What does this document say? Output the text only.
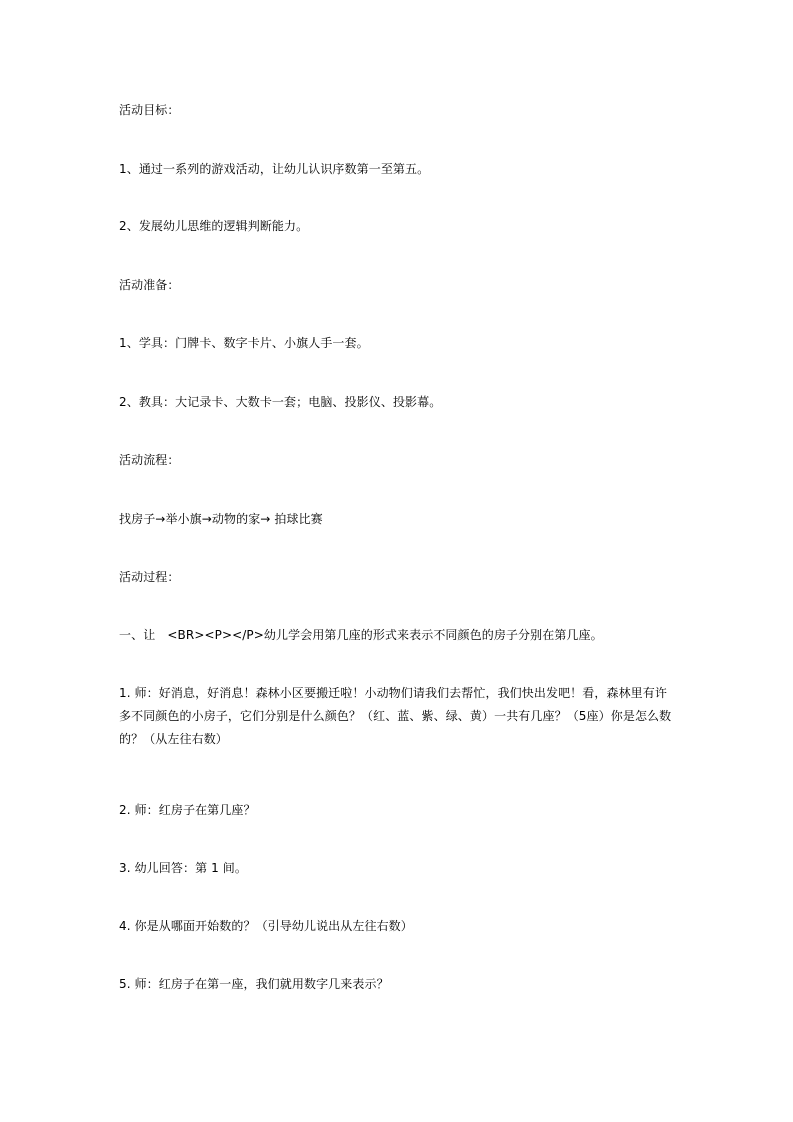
活动目标：
1、通过一系列的游戏活动，让幼儿认识序数第一至第五。
2、发展幼儿思维的逻辑判断能力。
活动准备：
1、学具：门牌卡、数字卡片、小旗人手一套。
2、教具：大记录卡、大数卡一套；电脑、投影仪、投影幕。
活动流程：
找房子→举小旗→动物的家→ 拍球比赛
活动过程：
一、让　<BR><P></P>幼儿学会用第几座的形式来表示不同颜色的房子分别在第几座。
1. 师：好消息，好消息！森林小区要搬迁啦！小动物们请我们去帮忙，我们快出发吧！看，森林里有许
多不同颜色的小房子，它们分别是什么颜色？（红、蓝、紫、绿、黄）一共有几座？（5座）你是怎么数
的？（从左往右数）
2. 师：红房子在第几座？
3. 幼儿回答：第 1 间。
4. 你是从哪面开始数的？（引导幼儿说出从左往右数）
5. 师：红房子在第一座，我们就用数字几来表示？
